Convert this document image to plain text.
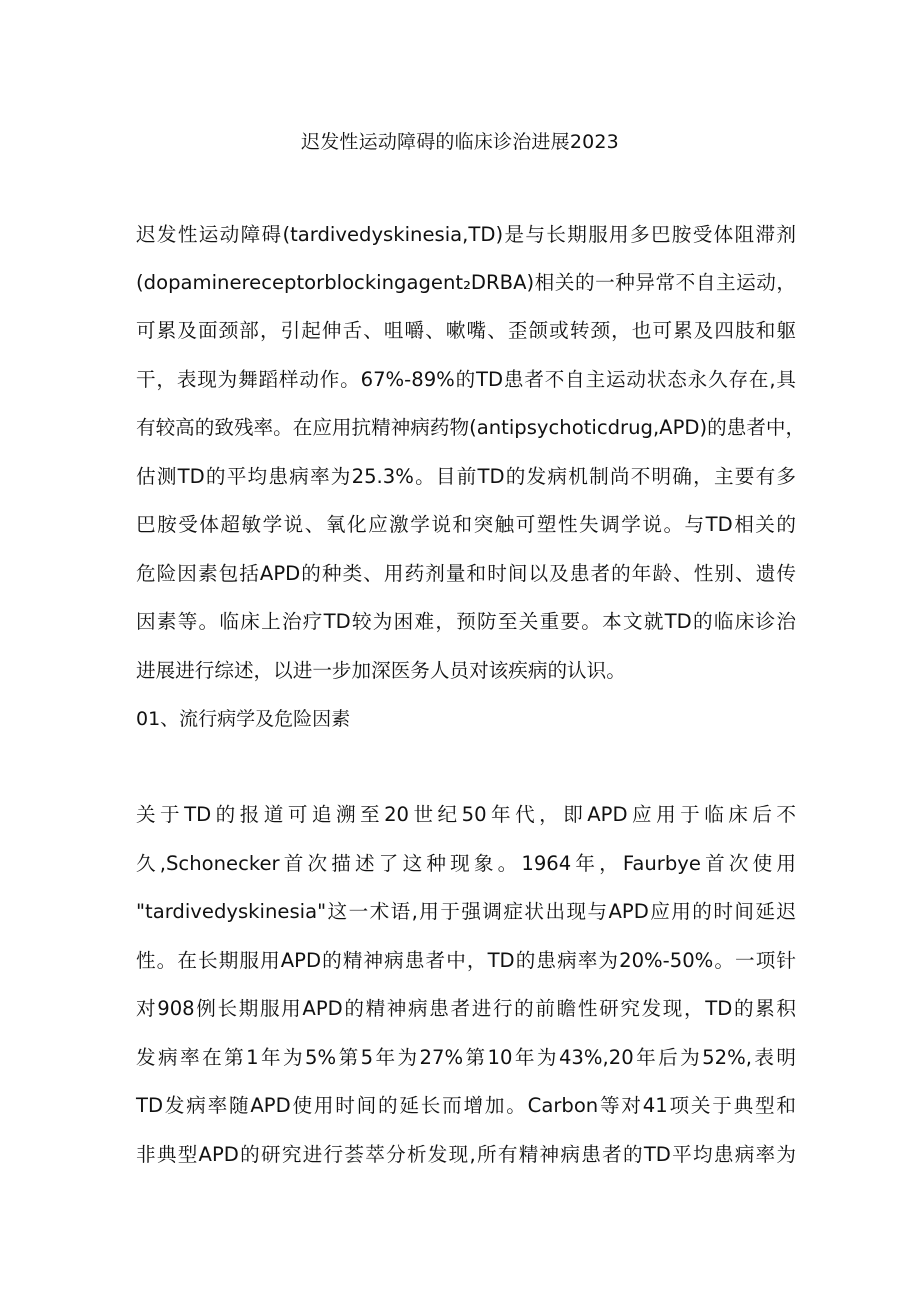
迟发性运动障碍的临床诊治进展2023
迟发性运动障碍(tardivedyskinesia,TD)是与长期服用多巴胺受体阻滞剂
(dopaminereceptorblockingagent₂DRBA)相关的一种异常不自主运动，
可累及面颈部，引起伸舌、咀嚼、嗽嘴、歪颌或转颈，也可累及四肢和躯
干，表现为舞蹈样动作。67%-89%的TD患者不自主运动状态永久存在,具
有较高的致残率。在应用抗精神病药物(antipsychoticdrug,APD)的患者中，
估测TD的平均患病率为25.3%。目前TD的发病机制尚不明确，主要有多
巴胺受体超敏学说、氧化应激学说和突触可塑性失调学说。与TD相关的
危险因素包括APD的种类、用药剂量和时间以及患者的年龄、性别、遗传
因素等。临床上治疗TD较为困难，预防至关重要。本文就TD的临床诊治
进展进行综述，以进一步加深医务人员对该疾病的认识。
01、流行病学及危险因素
关于TD的报道可追溯至20世纪50年代，即APD应用于临床后不
久,Schonecker首次描述了这种现象。1964年，Faurbye首次使用
"tardivedyskinesia"这一术语,用于强调症状出现与APD应用的时间延迟
性。在长期服用APD的精神病患者中，TD的患病率为20%-50%。一项针
对908例长期服用APD的精神病患者进行的前瞻性研究发现，TD的累积
发病率在第1年为5%第5年为27%第10年为43%,20年后为52%,表明
TD发病率随APD使用时间的延长而增加。Carbon等对41项关于典型和
非典型APD的研究进行荟萃分析发现,所有精神病患者的TD平均患病率为
